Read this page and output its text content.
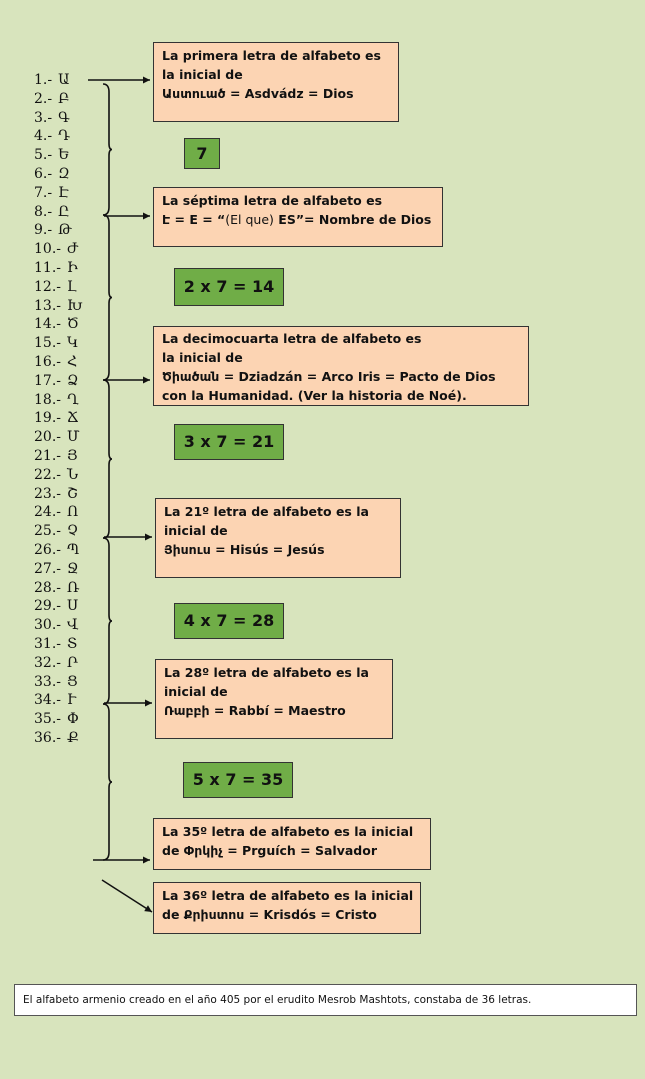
1.- Ա
2.- Բ
3.- Գ
4.- Դ
5.- Ե
6.- Զ
7.- Է
8.- Ը
9.- Թ
10.- Ժ
11.- Ի
12.- Լ
13.- Խ
14.- Ծ
15.- Կ
16.- Հ
17.- Ձ
18.- Ղ
19.- Ճ
20.- Մ
21.- Յ
22.- Ն
23.- Շ
24.- Ո
25.- Չ
26.- Պ
27.- Ջ
28.- Ռ
29.- Ս
30.- Վ
31.- Տ
32.- Ր
33.- Ց
34.- Ւ
35.- Փ
36.- Ք
La primera letra de alfabeto es
la inicial de
Աստուած = Asdvádz = Dios
7
La séptima letra de alfabeto es
Է = E = “(El que) ES”= Nombre de Dios
2 x 7 = 14
La decimocuarta letra de alfabeto es
la inicial de
Ծիածան = Dziadzán = Arco Iris = Pacto de Dios
con la Humanidad. (Ver la historia de Noé).
3 x 7 = 21
La 21º letra de alfabeto es la
inicial de
Յիսուս = Hisús = Jesús
4 x 7 = 28
La 28º letra de alfabeto es la
inicial de
Ռաբբի = Rabbí = Maestro
5 x 7 = 35
La 35º letra de alfabeto es la inicial
de Փրկիչ = Prguích = Salvador
La 36º letra de alfabeto es la inicial
de Քրիստոս = Krisdós = Cristo
El alfabeto armenio creado en el año 405 por el erudito Mesrob Mashtots, constaba de 36 letras.
